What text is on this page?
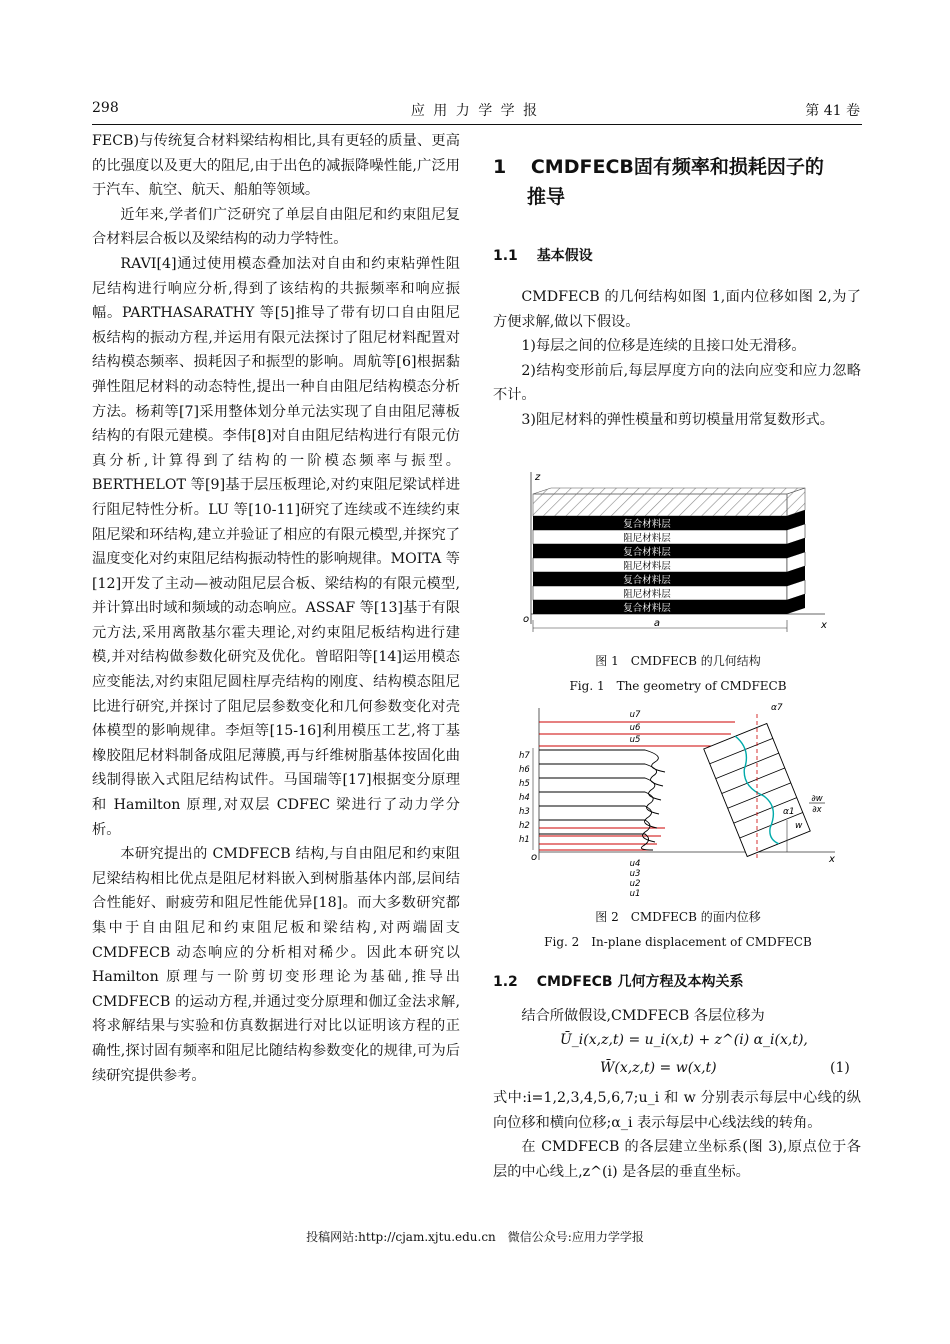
298	应 用 力 学 学 报	第 41 卷

FECB)与传统复合材料梁结构相比,具有更轻的质量、更高的比强度以及更大的阻尼,由于出色的减振降噪性能,广泛用于汽车、航空、航天、船舶等领域。

近年来,学者们广泛研究了单层自由阻尼和约束阻尼复合材料层合板以及梁结构的动力学特性。

RAVI[4]通过使用模态叠加法对自由和约束粘弹性阻尼结构进行响应分析,得到了该结构的共振频率和响应振幅。PARTHASARATHY 等[5]推导了带有切口自由阻尼板结构的振动方程,并运用有限元法探讨了阻尼材料配置对结构模态频率、损耗因子和振型的影响。周航等[6]根据黏弹性阻尼材料的动态特性,提出一种自由阻尼结构模态分析方法。杨莉等[7]采用整体划分单元法实现了自由阻尼薄板结构的有限元建模。李伟[8]对自由阻尼结构进行有限元仿真分析,计算得到了结构的一阶模态频率与振型。BERTHELOT 等[9]基于层压板理论,对约束阻尼梁试样进行阻尼特性分析。LU 等[10-11]研究了连续或不连续约束阻尼梁和环结构,建立并验证了相应的有限元模型,并探究了温度变化对约束阻尼结构振动特性的影响规律。MOITA 等[12]开发了主动—被动阻尼层合板、梁结构的有限元模型,并计算出时域和频域的动态响应。ASSAF 等[13]基于有限元方法,采用离散基尔霍夫理论,对约束阻尼板结构进行建模,并对结构做参数化研究及优化。曾昭阳等[14]运用模态应变能法,对约束阻尼圆柱厚壳结构的刚度、结构模态阻尼比进行研究,并探讨了阻尼层参数变化和几何参数变化对壳体模型的影响规律。李烜等[15-16]利用模压工艺,将丁基橡胶阻尼材料制备成阻尼薄膜,再与纤维树脂基体按固化曲线制得嵌入式阻尼结构试件。马国瑞等[17]根据变分原理和 Hamilton 原理,对双层 CDFEC 梁进行了动力学分析。

本研究提出的 CMDFECB 结构,与自由阻尼和约束阻尼梁结构相比优点是阻尼材料嵌入到树脂基体内部,层间结合性能好、耐疲劳和阻尼性能优异[18]。而大多数研究都集中于自由阻尼和约束阻尼板和梁结构,对两端固支 CMDFECB 动态响应的分析相对稀少。因此本研究以 Hamilton 原理与一阶剪切变形理论为基础,推导出 CMDFECB 的运动方程,并通过变分原理和伽辽金法求解,将求解结果与实验和仿真数据进行对比以证明该方程的正确性,探讨固有频率和阻尼比随结构参数变化的规律,可为后续研究提供参考。

1 CMDFECB固有频率和损耗因子的
推导
1.1 基本假设

CMDFECB 的几何结构如图 1,面内位移如图 2,为了方便求解,做以下假设。

1)每层之间的位移是连续的且接口处无滑移。

2)结构变形前后,每层厚度方向的法向应变和应力忽略不计。

3)阻尼材料的弹性模量和剪切模量用常复数形式。

z
x
o
复合材料层
阻尼材料层
复合材料层
阻尼材料层
复合材料层
阻尼材料层
复合材料层
a
图 1　CMDFECB 的几何结构
Fig. 1　The geometry of CMDFECB
o	x
u7
u6
u5
u4
u3
u2
u1
h7
h6
h5
h4
h3
h2
h1
α7
α1
w
∂w
∂x
图 2　CMDFECB 的面内位移
Fig. 2　In-plane displacement of CMDFECB
1.2 CMDFECB 几何方程及本构关系

结合所做假设,CMDFECB 各层位移为

Ū_i(x,z,t) = u_i(x,t) + z^(i) α_i(x,t),
W̄(x,z,t) = w(x,t)	(1)

式中:i=1,2,3,4,5,6,7;u_i 和 w 分别表示每层中心线的纵向位移和横向位移;α_i 表示每层中心线法线的转角。

在 CMDFECB 的各层建立坐标系(图 3),原点位于各层的中心线上,z^(i) 是各层的垂直坐标。

投稿网站:http://cjam.xjtu.edu.cn　微信公众号:应用力学学报
